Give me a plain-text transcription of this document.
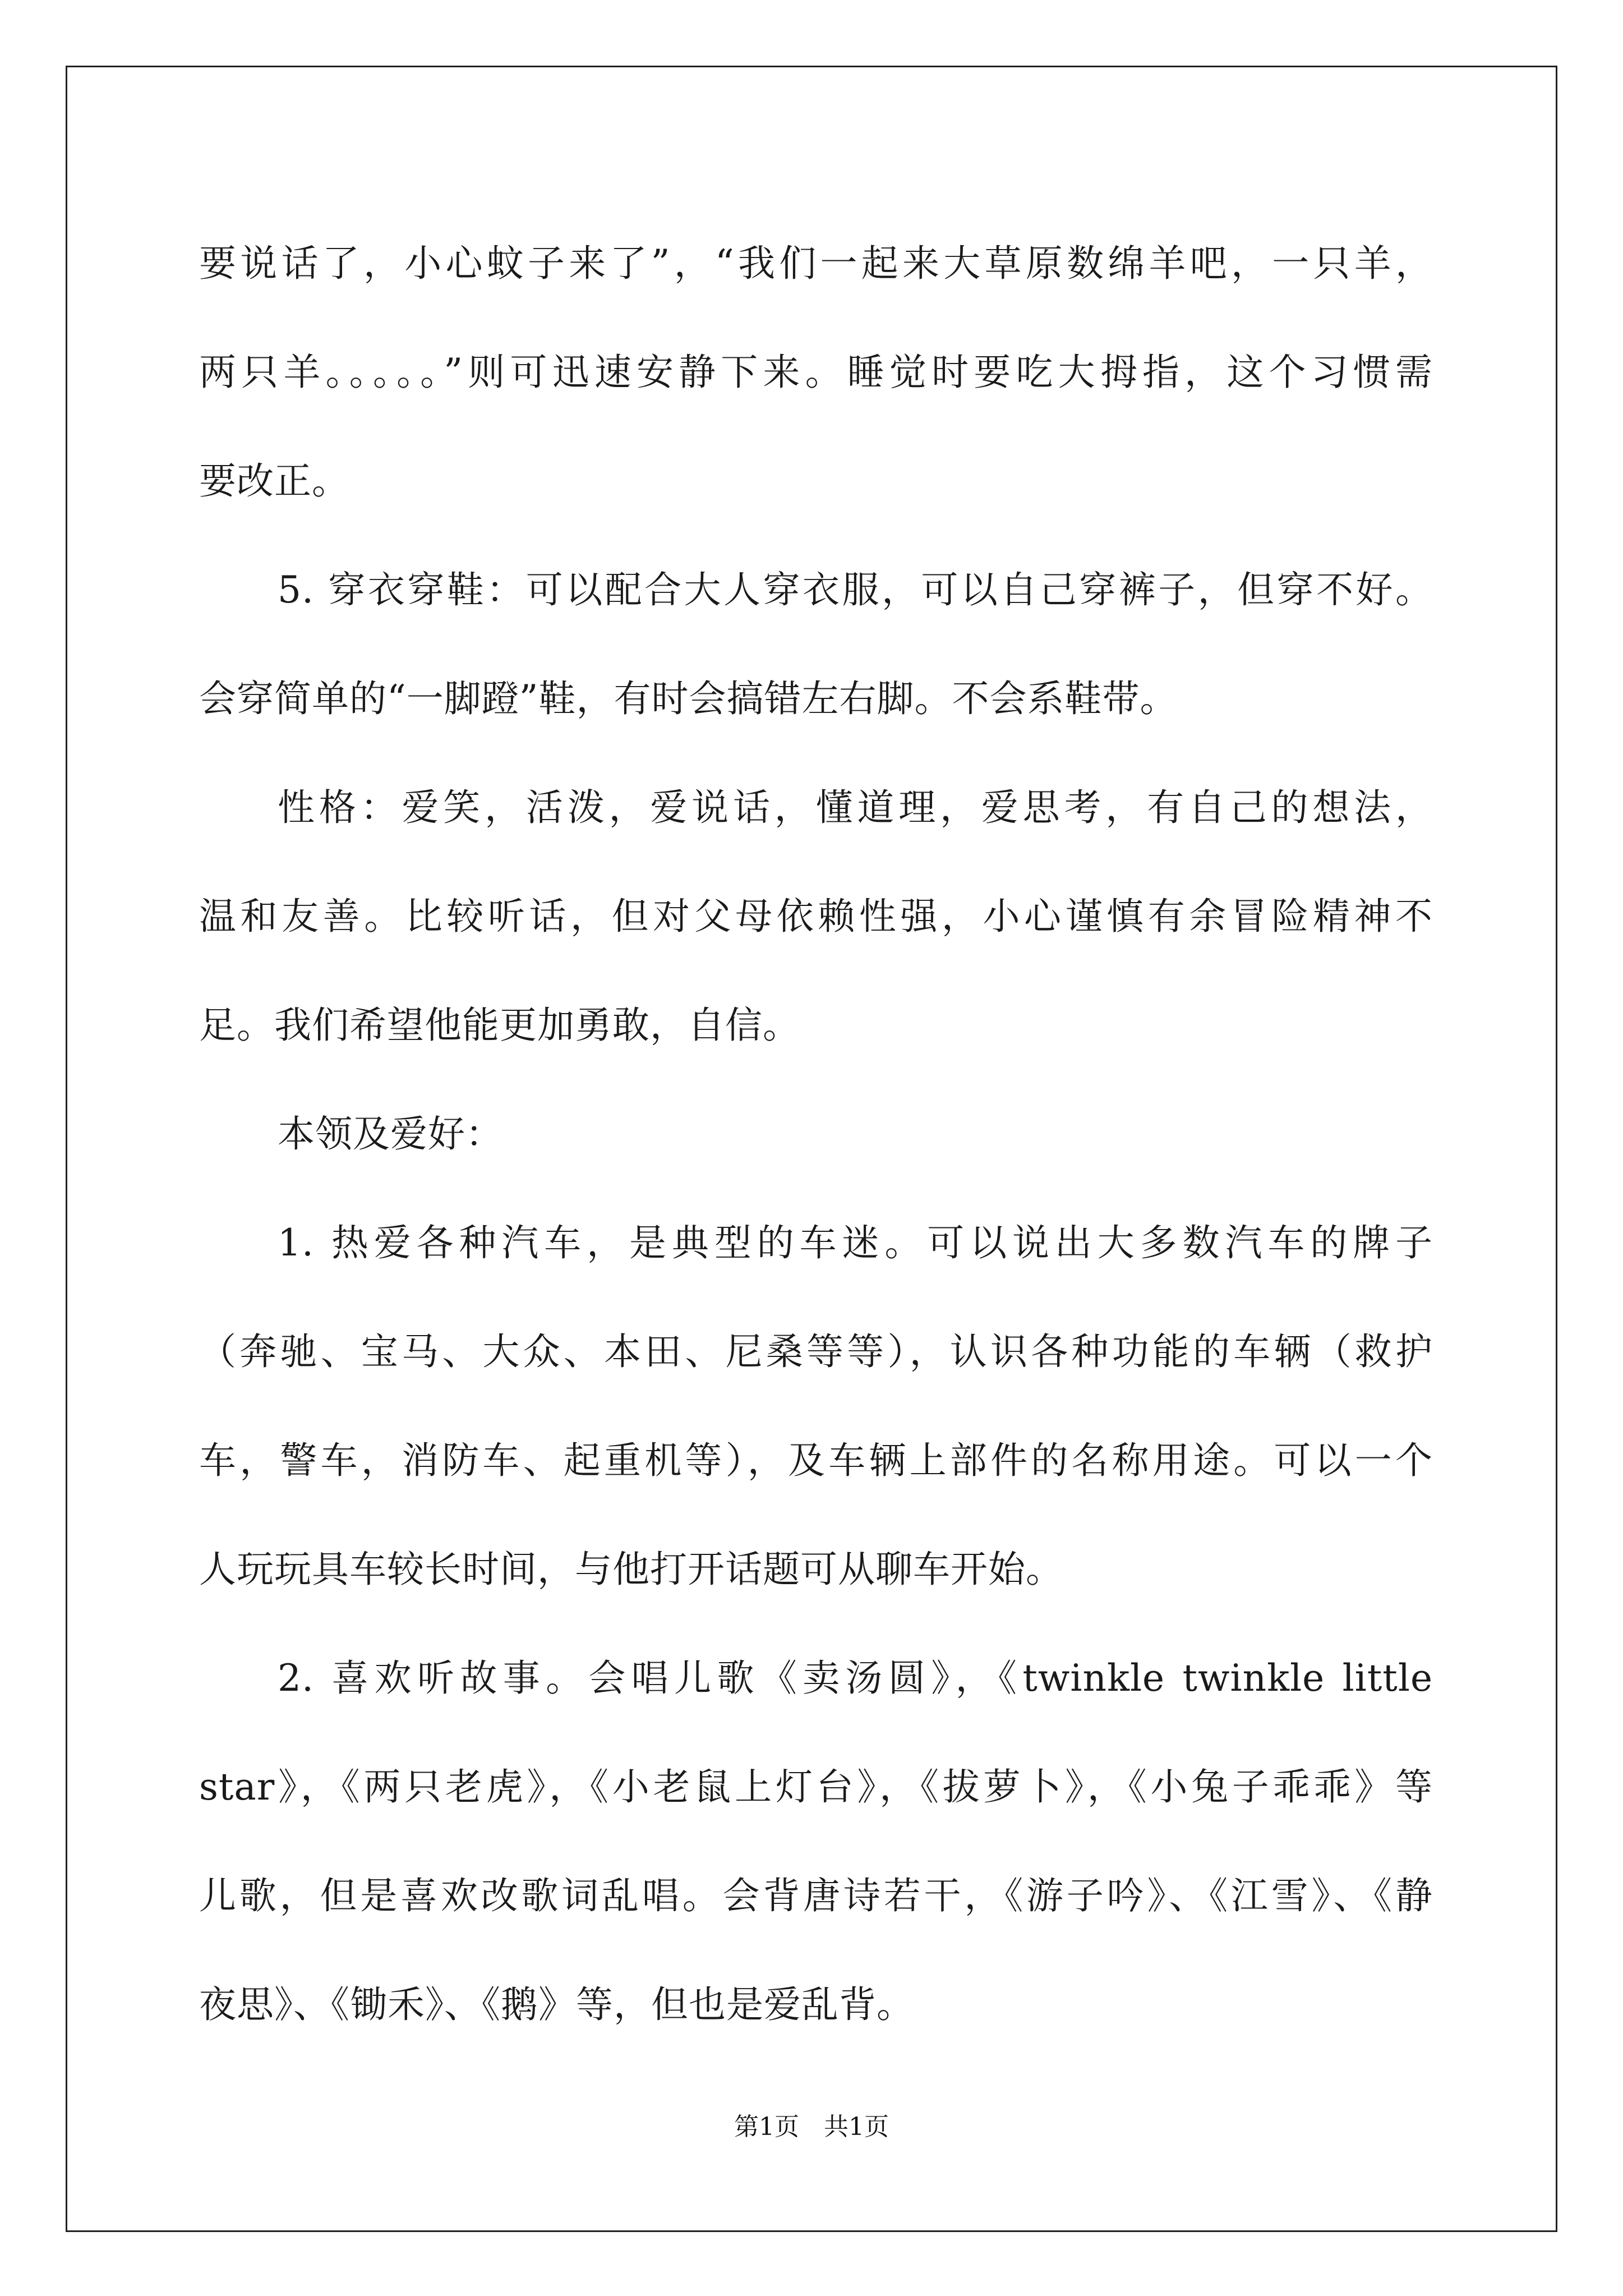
要说话了，小心蚊子来了”，“我们一起来大草原数绵羊吧，一只羊，
两只羊。。。。。”则可迅速安静下来。睡觉时要吃大拇指，这个习惯需
要改正。
5. 穿衣穿鞋：可以配合大人穿衣服，可以自己穿裤子，但穿不好。
会穿简单的“一脚蹬”鞋，有时会搞错左右脚。不会系鞋带。
性格：爱笑，活泼，爱说话，懂道理，爱思考，有自己的想法，
温和友善。比较听话，但对父母依赖性强，小心谨慎有余冒险精神不
足。我们希望他能更加勇敢，自信。
本领及爱好：
1. 热爱各种汽车，是典型的车迷。可以说出大多数汽车的牌子
（奔驰、宝马、大众、本田、尼桑等等），认识各种功能的车辆（救护
车，警车，消防车、起重机等），及车辆上部件的名称用途。可以一个
人玩玩具车较长时间，与他打开话题可从聊车开始。
2. 喜欢听故事。会唱儿歌《卖汤圆》，《twinkle twinkle little
star》，《两只老虎》，《小老鼠上灯台》，《拔萝卜》，《小兔子乖乖》等
儿歌，但是喜欢改歌词乱唱。会背唐诗若干，《游子吟》、《江雪》、《静
夜思》、《锄禾》、《鹅》等，但也是爱乱背。
第1页　共1页
